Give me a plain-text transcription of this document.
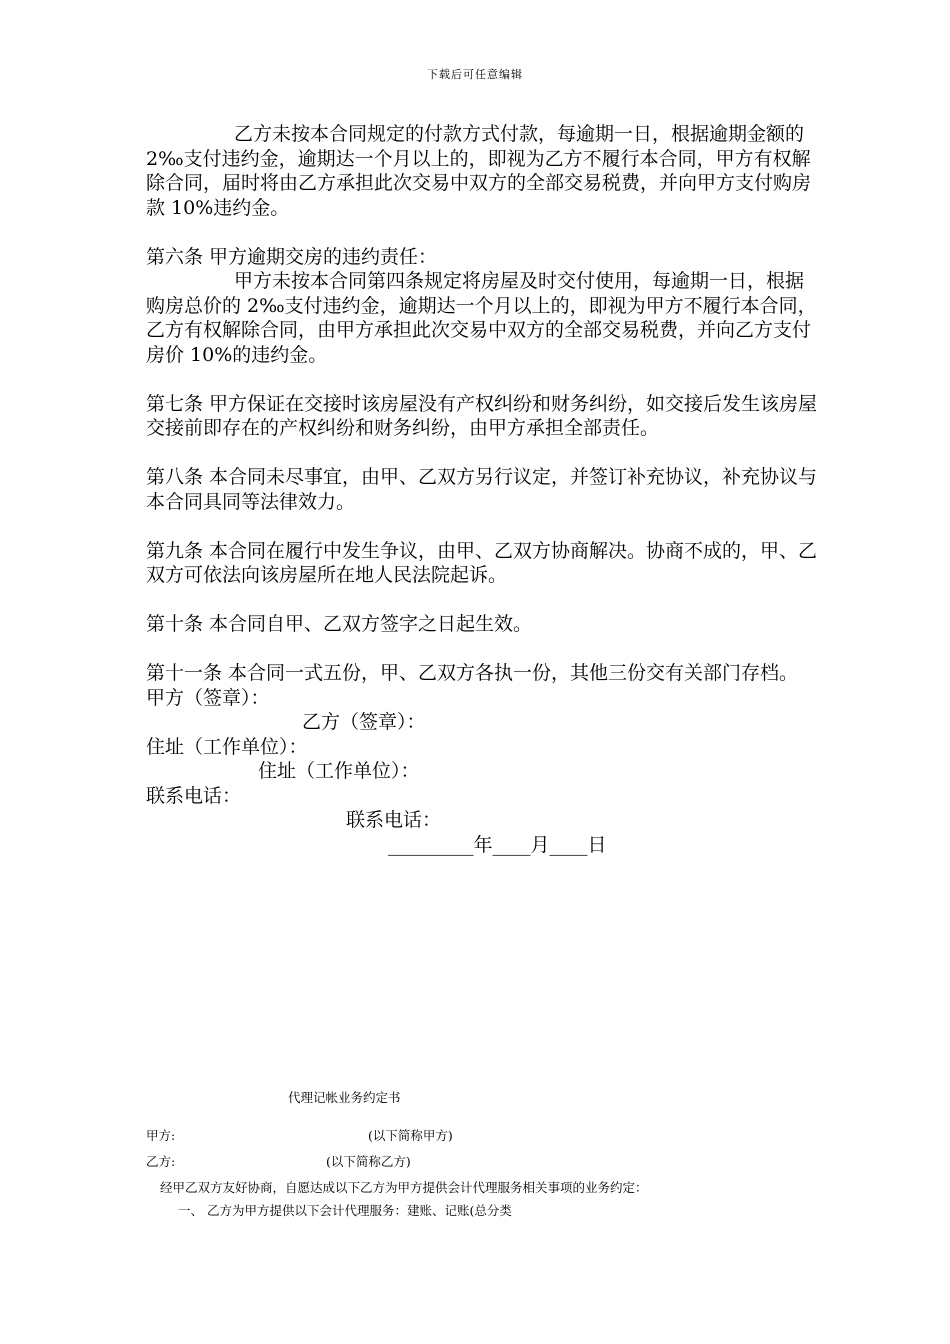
下载后可任意编辑

乙方未按本合同规定的付款方式付款，每逾期一日，根据逾期金额的 2‰支付违约金，逾期达一个月以上的，即视为乙方不履行本合同，甲方有权解除合同，届时将由乙方承担此次交易中双方的全部交易税费，并向甲方支付购房款 10%违约金。

第六条 甲方逾期交房的违约责任：

甲方未按本合同第四条规定将房屋及时交付使用，每逾期一日，根据购房总价的 2‰支付违约金，逾期达一个月以上的，即视为甲方不履行本合同，乙方有权解除合同，由甲方承担此次交易中双方的全部交易税费，并向乙方支付房价 10%的违约金。

第七条 甲方保证在交接时该房屋没有产权纠纷和财务纠纷，如交接后发生该房屋交接前即存在的产权纠纷和财务纠纷，由甲方承担全部责任。

第八条 本合同未尽事宜，由甲、乙双方另行议定，并签订补充协议，补充协议与本合同具同等法律效力。

第九条 本合同在履行中发生争议，由甲、乙双方协商解决。协商不成的，甲、乙双方可依法向该房屋所在地人民法院起诉。

第十条 本合同自甲、乙双方签字之日起生效。

第十一条 本合同一式五份，甲、乙双方各执一份，其他三份交有关部门存档。

甲方（签章）：

乙方（签章）：

住址（工作单位）：

住址（工作单位）：

联系电话：

联系电话：

_________年____月____日

代理记帐业务约定书

甲方:	(以下简称甲方)
乙方:	(以下简称乙方)

经甲乙双方友好协商，自愿达成以下乙方为甲方提供会计代理服务相关事项的业务约定：

一、 乙方为甲方提供以下会计代理服务：建账、记账(总分类
